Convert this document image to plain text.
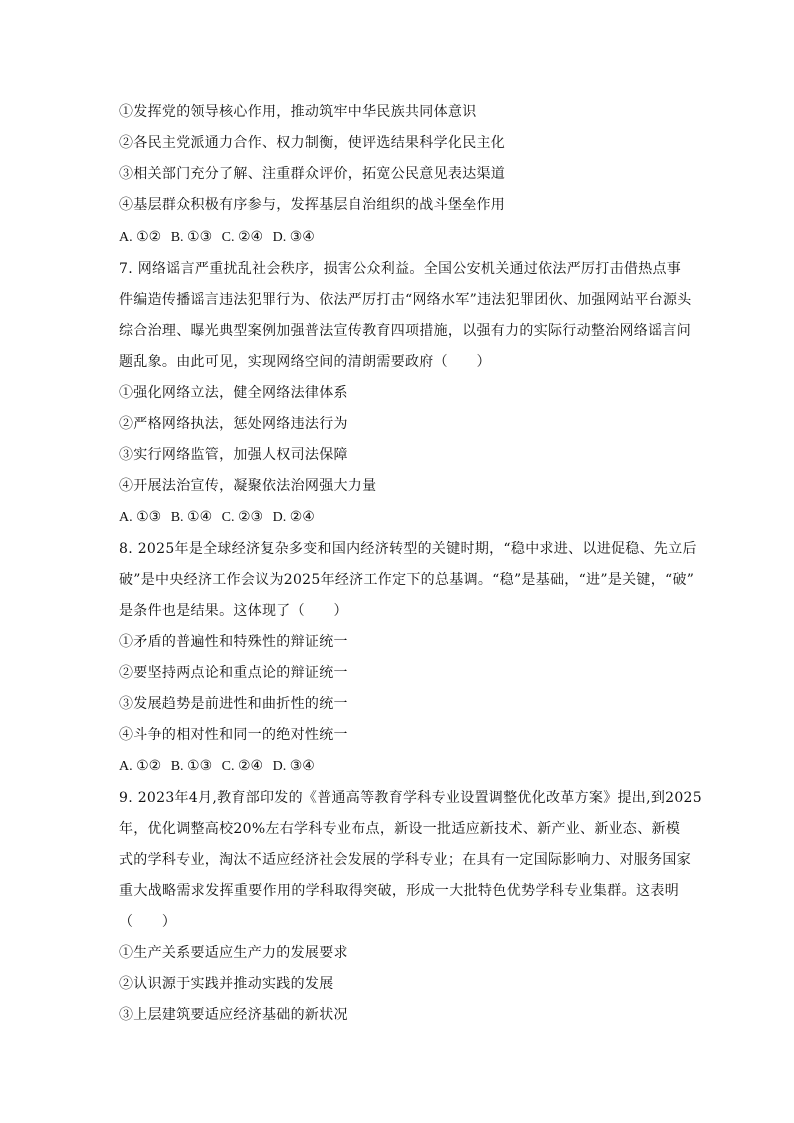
①发挥党的领导核心作用，推动筑牢中华民族共同体意识
②各民主党派通力合作、权力制衡，使评选结果科学化民主化
③相关部门充分了解、注重群众评价，拓宽公民意见表达渠道
④基层群众积极有序参与，发挥基层自治组织的战斗堡垒作用
A. ①② B. ①③ C. ②④ D. ③④
7. 网络谣言严重扰乱社会秩序，损害公众利益。全国公安机关通过依法严厉打击借热点事
件编造传播谣言违法犯罪行为、依法严厉打击“网络水军”违法犯罪团伙、加强网站平台源头
综合治理、曝光典型案例加强普法宣传教育四项措施，以强有力的实际行动整治网络谣言问
题乱象。由此可见，实现网络空间的清朗需要政府（　　）
①强化网络立法，健全网络法律体系
②严格网络执法，惩处网络违法行为
③实行网络监管，加强人权司法保障
④开展法治宣传，凝聚依法治网强大力量
A. ①③ B. ①④ C. ②③ D. ②④
8. 2025年是全球经济复杂多变和国内经济转型的关键时期，“稳中求进、以进促稳、先立后
破”是中央经济工作会议为2025年经济工作定下的总基调。“稳”是基础，“进”是关键，“破”
是条件也是结果。这体现了（　　）
①矛盾的普遍性和特殊性的辩证统一
②要坚持两点论和重点论的辩证统一
③发展趋势是前进性和曲折性的统一
④斗争的相对性和同一的绝对性统一
A. ①② B. ①③ C. ②④ D. ③④
9. 2023年4月,教育部印发的《普通高等教育学科专业设置调整优化改革方案》提出,到2025
年，优化调整高校20%左右学科专业布点，新设一批适应新技术、新产业、新业态、新模
式的学科专业，淘汰不适应经济社会发展的学科专业；在具有一定国际影响力、对服务国家
重大战略需求发挥重要作用的学科取得突破，形成一大批特色优势学科专业集群。这表明
（　　）
①生产关系要适应生产力的发展要求
②认识源于实践并推动实践的发展
③上层建筑要适应经济基础的新状况
